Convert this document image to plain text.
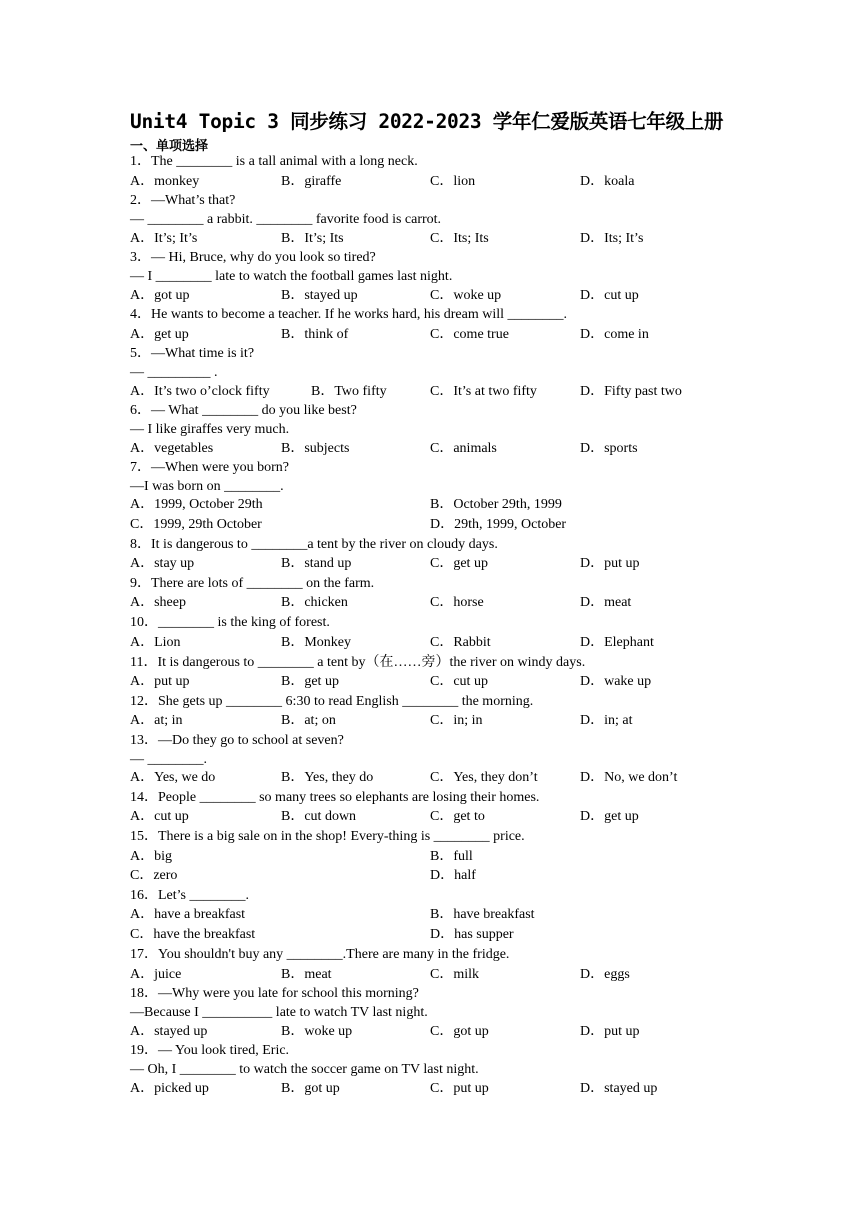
Unit4 Topic 3 同步练习 2022-2023 学年仁爱版英语七年级上册
一、单项选择
1．The ________ is a tall animal with a long neck.
A．monkey	B．giraffe	C．lion	D．koala
2．—What’s that?
— ________ a rabbit. ________ favorite food is carrot.
A．It’s; It’s	B．It’s; Its	C．Its; Its	D．Its; It’s
3．— Hi, Bruce, why do you look so tired?
— I ________ late to watch the football games last night.
A．got up	B．stayed up	C．woke up	D．cut up
4．He wants to become a teacher. If he works hard, his dream will ________.
A．get up	B．think of	C．come true	D．come in
5．—What time is it?
— _________ .
A．It’s two o’clock fifty	B．Two fifty	C．It’s at two fifty	D．Fifty past two
6．— What ________ do you like best?
— I like giraffes very much.
A．vegetables	B．subjects	C．animals	D．sports
7．—When were you born?
—I was born on ________.
A．1999, October 29th	B．October 29th, 1999
C．1999, 29th October	D．29th, 1999, October
8．It is dangerous to ________a tent by the river on cloudy days.
A．stay up	B．stand up	C．get up	D．put up
9．There are lots of ________ on the farm.
A．sheep	B．chicken	C．horse	D．meat
10．________ is the king of forest.
A．Lion	B．Monkey	C．Rabbit	D．Elephant
11．It is dangerous to ________ a tent by（在……旁）the river on windy days.
A．put up	B．get up	C．cut up	D．wake up
12．She gets up ________ 6:30 to read English ________ the morning.
A．at; in	B．at; on	C．in; in	D．in; at
13．—Do they go to school at seven?
— ________.
A．Yes, we do	B．Yes, they do	C．Yes, they don’t	D．No, we don’t
14．People ________ so many trees so elephants are losing their homes.
A．cut up	B．cut down	C．get to	D．get up
15．There is a big sale on in the shop! Every-thing is ________ price.
A．big	B．full
C．zero	D．half
16．Let’s ________.
A．have a breakfast	B．have breakfast
C．have the breakfast	D．has supper
17．You shouldn't buy any ________.There are many in the fridge.
A．juice	B．meat	C．milk	D．eggs
18．—Why were you late for school this morning?
—Because I __________ late to watch TV last night.
A．stayed up	B．woke up	C．got up	D．put up
19．— You look tired, Eric.
— Oh, I ________ to watch the soccer game on TV last night.
A．picked up	B．got up	C．put up	D．stayed up
